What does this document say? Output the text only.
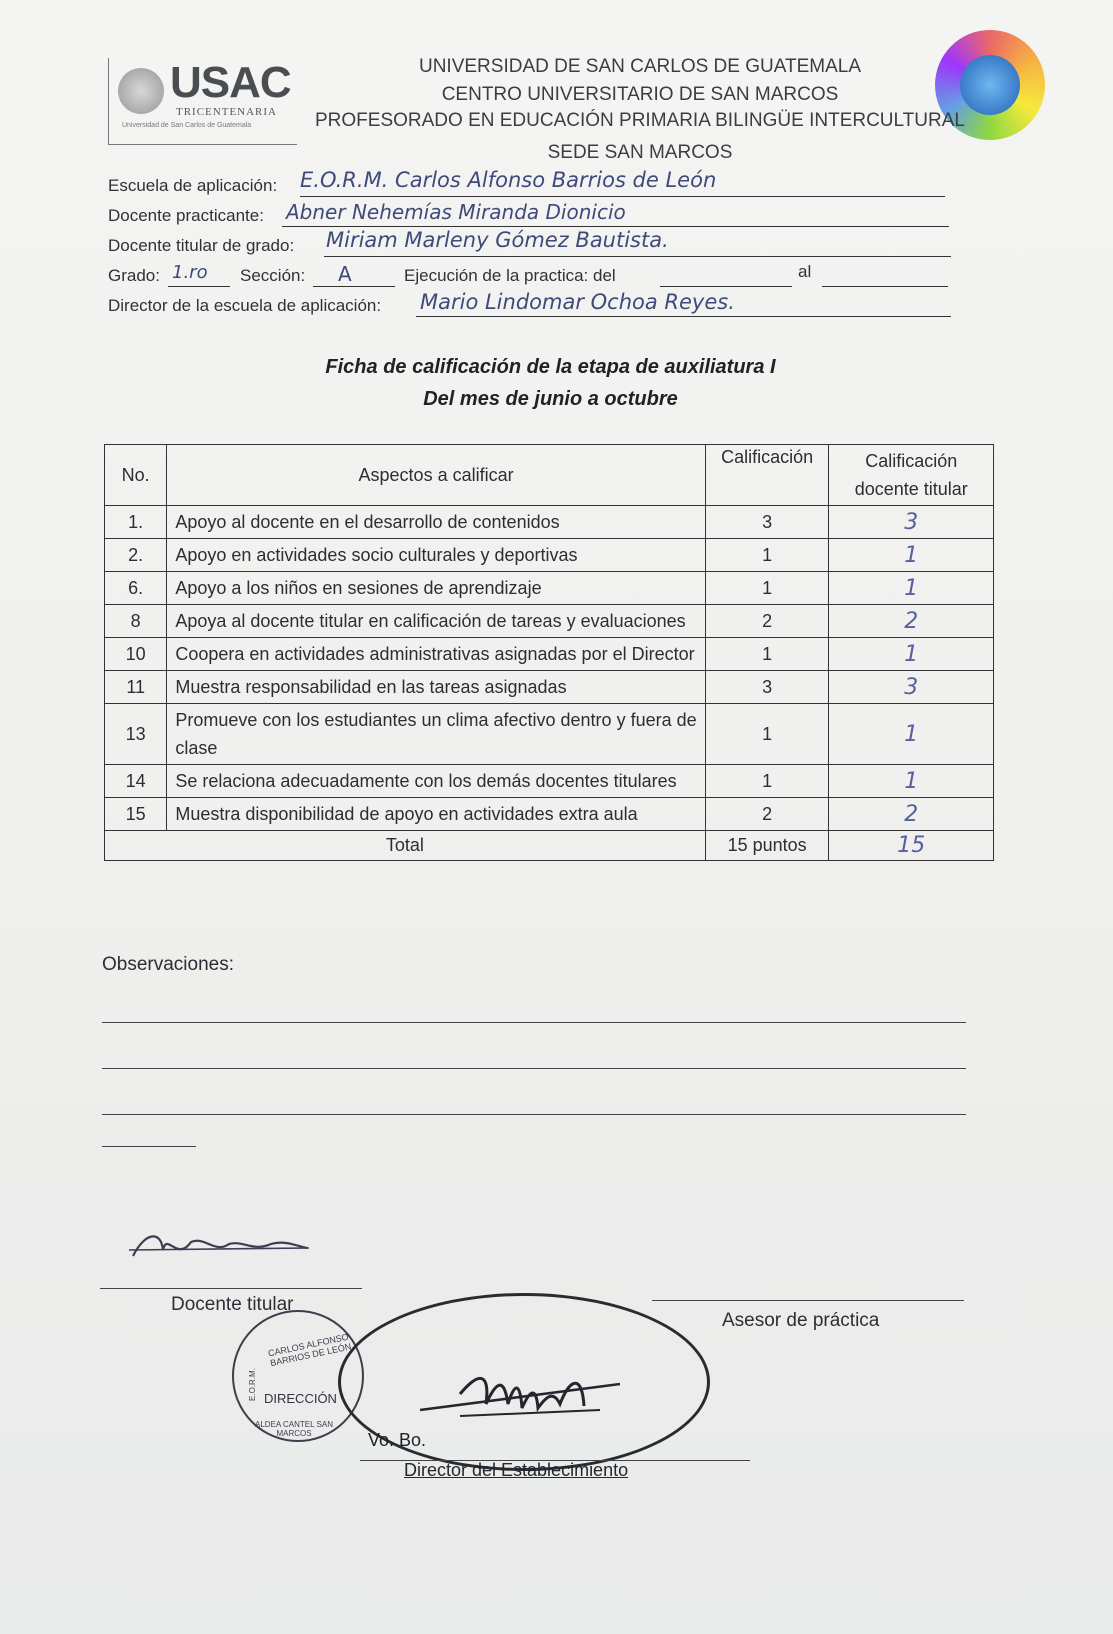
USAC
TRICENTENARIA
Universidad de San Carlos de Guatemala
UNIVERSIDAD DE SAN CARLOS DE GUATEMALA
CENTRO UNIVERSITARIO DE SAN MARCOS
PROFESORADO EN EDUCACIÓN PRIMARIA BILINGÜE INTERCULTURAL
SEDE SAN MARCOS
Escuela de aplicación: E.O.R.M. Carlos Alfonso Barrios de León
Docente practicante: Abner Nehemías Miranda Dionicio
Docente titular de grado: Miriam Marleny Gómez Bautista.
Grado: 1.ro Sección: A	Ejecución de la practica: del	al
Director de la escuela de aplicación: Mario Lindomar Ochoa Reyes.
Ficha de calificación de la etapa de auxiliatura I
Del mes de junio a octubre
No.	Aspectos a calificar	Calificación	Calificación docente titular
1.	Apoyo al docente en el desarrollo de contenidos	3	3
2.	Apoyo en actividades socio culturales y deportivas	1	1
6.	Apoyo a los niños en sesiones de aprendizaje	1	1
8	Apoya al docente titular en calificación de tareas y evaluaciones	2	2
10	Coopera en actividades administrativas asignadas por el Director	1	1
11	Muestra responsabilidad en las tareas asignadas	3	3
13	Promueve con los estudiantes un clima afectivo dentro y fuera de clase	1	1
14	Se relaciona adecuadamente con los demás docentes titulares	1	1
15	Muestra disponibilidad de apoyo en actividades extra aula	2	2
Total		15 puntos	15
Observaciones:
Docente titular
Asesor de práctica
CARLOS ALFONSO BARRIOS DE LEÓN
DIRECCIÓN
ALDEA CANTEL SAN MARCOS
E.O.R.M.
Vo. Bo.
Director del Establecimiento
